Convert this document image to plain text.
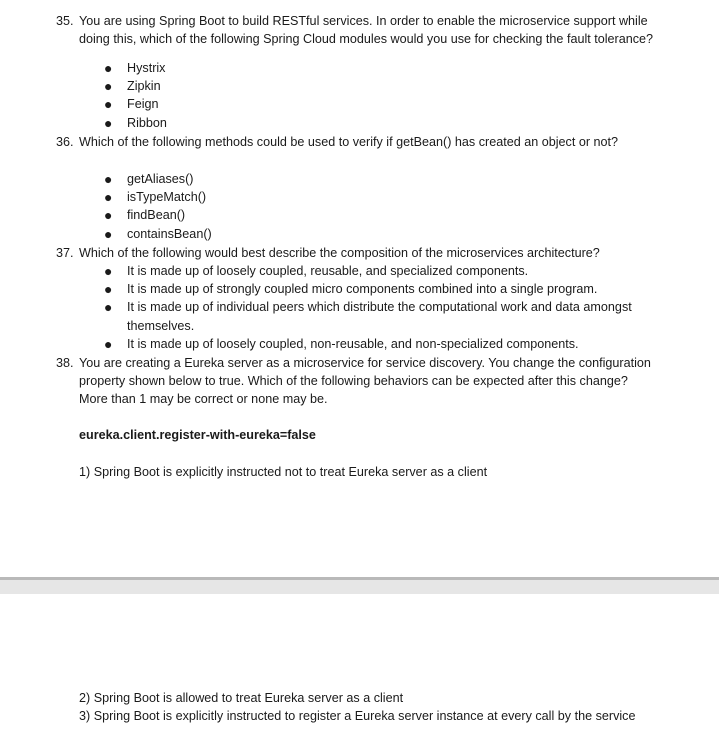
35. You are using Spring Boot to build RESTful services. In order to enable the microservice support while doing this, which of the following Spring Cloud modules would you use for checking the fault tolerance?
● Hystrix
● Zipkin
● Feign
● Ribbon
36. Which of the following methods could be used to verify if getBean() has created an object or not?
● getAliases()
● isTypeMatch()
● findBean()
● containsBean()
37. Which of the following would best describe the composition of the microservices architecture?
● It is made up of loosely coupled, reusable, and specialized components.
● It is made up of strongly coupled micro components combined into a single program.
● It is made up of individual peers which distribute the computational work and data amongst themselves.
● It is made up of loosely coupled, non-reusable, and non-specialized components.
38. You are creating a Eureka server as a microservice for service discovery. You change the configuration property shown below to true. Which of the following behaviors can be expected after this change? More than 1 may be correct or none may be.
eureka.client.register-with-eureka=false
1) Spring Boot is explicitly instructed not to treat Eureka server as a client
2) Spring Boot is allowed to treat Eureka server as a client
3) Spring Boot is explicitly instructed to register a Eureka server instance at every call by the service
